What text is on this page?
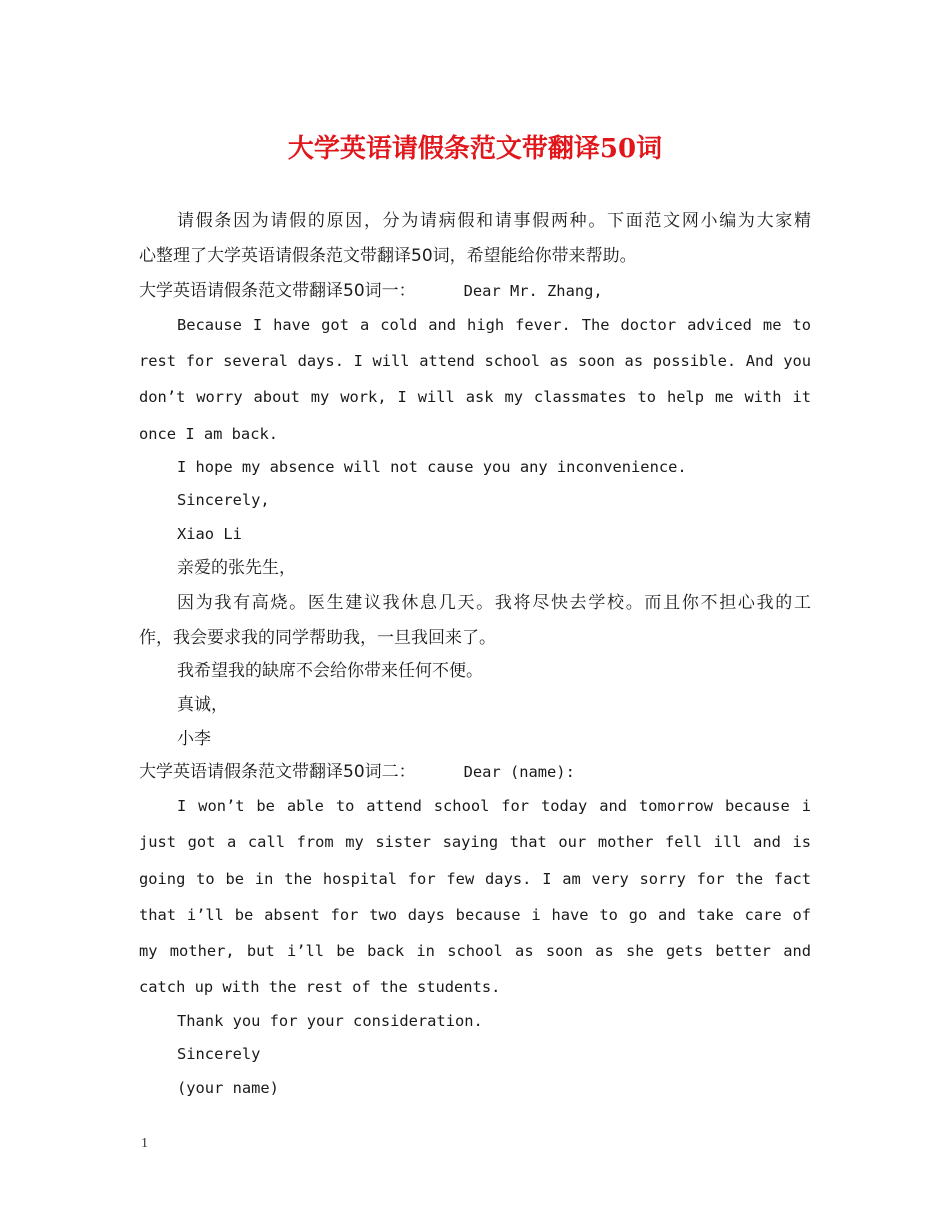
大学英语请假条范文带翻译50词
请假条因为请假的原因，分为请病假和请事假两种。下面范文网小编为大家精
心整理了大学英语请假条范文带翻译50词，希望能给你带来帮助。
大学英语请假条范文带翻译50词一：	Dear Mr. Zhang,
Because I have got a cold and high fever. The doctor adviced me to
rest for several days. I will attend school as soon as possible. And you
don’t worry about my work, I will ask my classmates to help me with it
once I am back.
I hope my absence will not cause you any inconvenience.
Sincerely,
Xiao Li
亲爱的张先生，
因为我有高烧。医生建议我休息几天。我将尽快去学校。而且你不担心我的工
作，我会要求我的同学帮助我，一旦我回来了。
我希望我的缺席不会给你带来任何不便。
真诚，
小李
大学英语请假条范文带翻译50词二：	Dear (name):
I won’t be able to attend school for today and tomorrow because i
just got a call from my sister saying that our mother fell ill and is
going to be in the hospital for few days. I am very sorry for the fact
that i’ll be absent for two days because i have to go and take care of
my mother, but i’ll be back in school as soon as she gets better and
catch up with the rest of the students.
Thank you for your consideration.
Sincerely
(your name)
1
